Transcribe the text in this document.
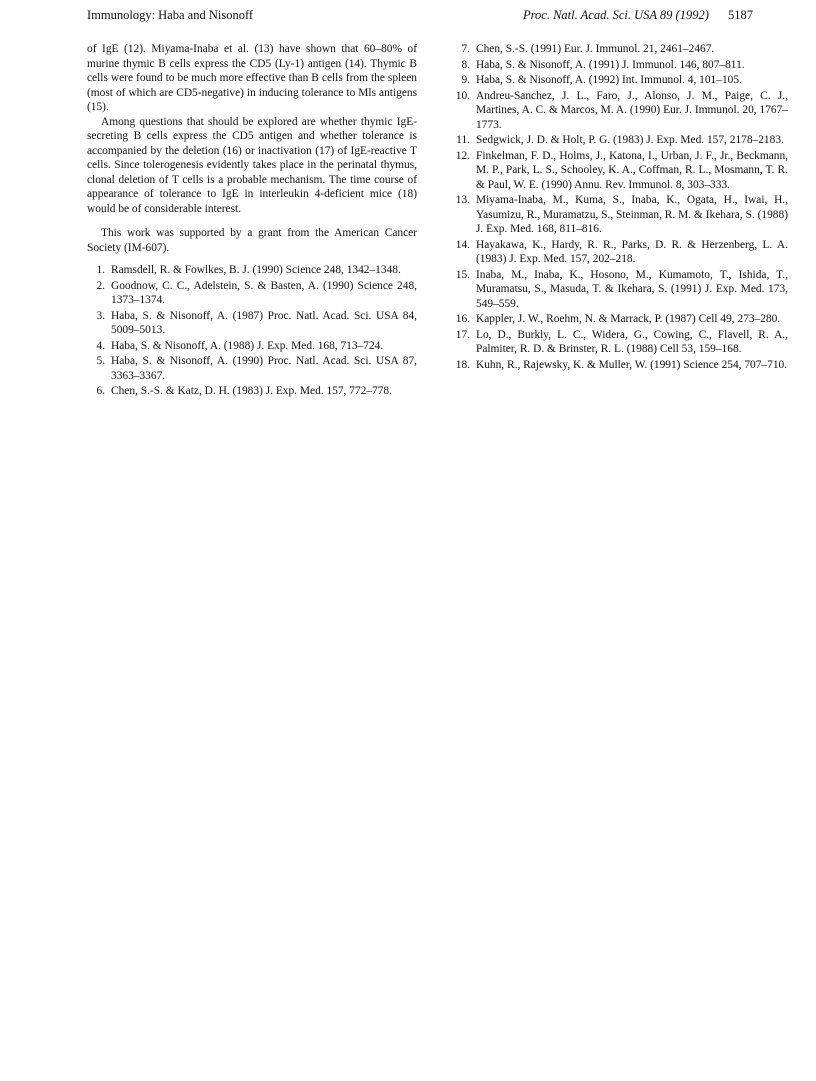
Immunology: Haba and Nisonoff	Proc. Natl. Acad. Sci. USA 89 (1992) 5187

of IgE (12). Miyama-Inaba et al. (13) have shown that 60–80% of murine thymic B cells express the CD5 (Ly-1) antigen (14). Thymic B cells were found to be much more effective than B cells from the spleen (most of which are CD5-negative) in inducing tolerance to Mls antigens (15).

Among questions that should be explored are whether thymic IgE-secreting B cells express the CD5 antigen and whether tolerance is accompanied by the deletion (16) or inactivation (17) of IgE-reactive T cells. Since tolerogenesis evidently takes place in the perinatal thymus, clonal deletion of T cells is a probable mechanism. The time course of appearance of tolerance to IgE in interleukin 4-deficient mice (18) would be of considerable interest.

This work was supported by a grant from the American Cancer Society (IM-607).

1. Ramsdell, R. & Fowlkes, B. J. (1990) Science 248, 1342–1348.
2. Goodnow, C. C., Adelstein, S. & Basten, A. (1990) Science 248, 1373–1374.
3. Haba, S. & Nisonoff, A. (1987) Proc. Natl. Acad. Sci. USA 84, 5009–5013.
4. Haba, S. & Nisonoff, A. (1988) J. Exp. Med. 168, 713–724.
5. Haba, S. & Nisonoff, A. (1990) Proc. Natl. Acad. Sci. USA 87, 3363–3367.
6. Chen, S.-S. & Katz, D. H. (1983) J. Exp. Med. 157, 772–778.
7. Chen, S.-S. (1991) Eur. J. Immunol. 21, 2461–2467.
8. Haba, S. & Nisonoff, A. (1991) J. Immunol. 146, 807–811.
9. Haba, S. & Nisonoff, A. (1992) Int. Immunol. 4, 101–105.
10. Andreu-Sanchez, J. L., Faro, J., Alonso, J. M., Paige, C. J., Martines, A. C. & Marcos, M. A. (1990) Eur. J. Immunol. 20, 1767–1773.
11. Sedgwick, J. D. & Holt, P. G. (1983) J. Exp. Med. 157, 2178–2183.
12. Finkelman, F. D., Holms, J., Katona, I., Urban, J. F., Jr., Beckmann, M. P., Park, L. S., Schooley, K. A., Coffman, R. L., Mosmann, T. R. & Paul, W. E. (1990) Annu. Rev. Immunol. 8, 303–333.
13. Miyama-Inaba, M., Kuma, S., Inaba, K., Ogata, H., Iwai, H., Yasumizu, R., Muramatzu, S., Steinman, R. M. & Ikehara, S. (1988) J. Exp. Med. 168, 811–816.
14. Hayakawa, K., Hardy, R. R., Parks, D. R. & Herzenberg, L. A. (1983) J. Exp. Med. 157, 202–218.
15. Inaba, M., Inaba, K., Hosono, M., Kumamoto, T., Ishida, T., Muramatsu, S., Masuda, T. & Ikehara, S. (1991) J. Exp. Med. 173, 549–559.
16. Kappler, J. W., Roehm, N. & Marrack, P. (1987) Cell 49, 273–280.
17. Lo, D., Burkly, L. C., Widera, G., Cowing, C., Flavell, R. A., Palmiter, R. D. & Brinster, R. L. (1988) Cell 53, 159–168.
18. Kuhn, R., Rajewsky, K. & Muller, W. (1991) Science 254, 707–710.
